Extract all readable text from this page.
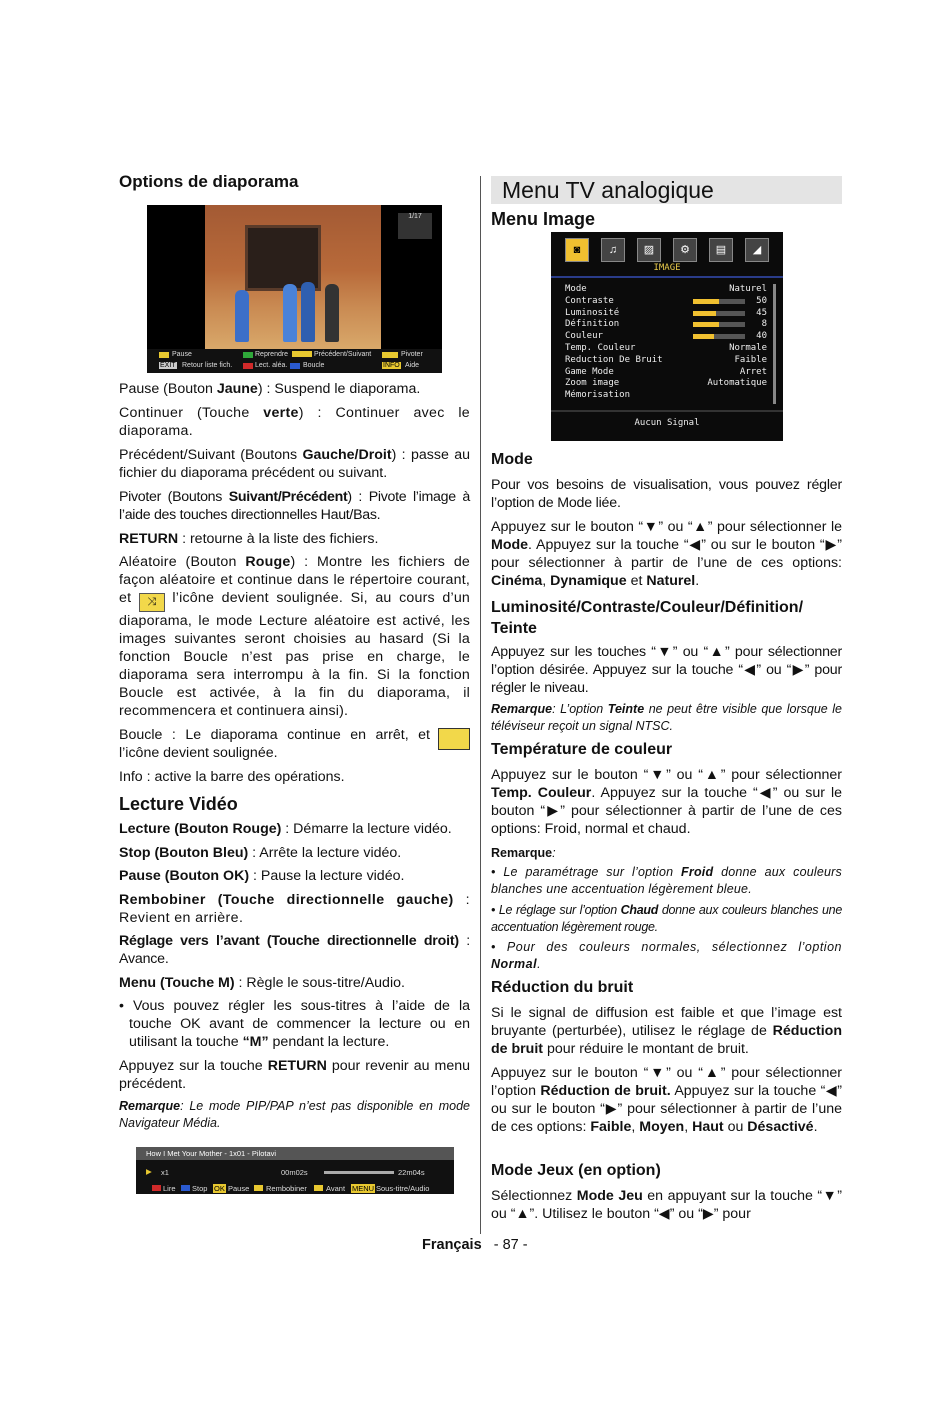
Options de diaporama

Pause (Bouton Jaune) : Suspend le diaporama.

Continuer (Touche verte) : Continuer avec le diaporama.

Précédent/Suivant (Boutons Gauche/Droit) : passe au fichier du diaporama précédent ou suivant.

Pivoter (Boutons Suivant/Précédent) : Pivote l’image à l’aide des touches directionnelles Haut/Bas.

RETURN : retourne à la liste des fichiers.

Aléatoire (Bouton Rouge) : Montre les fichiers de façon aléatoire et continue dans le répertoire courant, et ⤨ l’icône devient soulignée. Si, au cours d’un diaporama, le mode Lecture aléatoire est activé, les images suivantes seront choisies au hasard (Si la fonction Boucle n’est pas prise en charge, le diaporama sera interrompu à la fin. Si la fonction Boucle est activée, à la fin du diaporama, il recommencera et continuera ainsi).

Boucle : Le diaporama continue en arrêt, et l’icône devient soulignée.

Info : active la barre des opérations.

Lecture Vidéo

Lecture (Bouton Rouge) : Démarre la lecture vidéo.

Stop (Bouton Bleu) : Arrête la lecture vidéo.

Pause (Bouton OK) : Pause la lecture vidéo.

Rembobiner (Touche directionnelle gauche) : Revient en arrière.

Réglage vers l’avant (Touche directionnelle droit) : Avance.

Menu (Touche M) : Règle le sous-titre/Audio.

• Vous pouvez régler les sous-titres à l’aide de la touche OK avant de commencer la lecture ou en utilisant la touche “M” pendant la lecture.

Appuyez sur la touche RETURN pour revenir au menu précédent.

Remarque: Le mode PIP/PAP n’est pas disponible en mode Navigateur Média.

1/17
Pause
EXIT Retour liste fich.
Reprendre
Lect. aléa. Boucle
Précédent/Suivant	Pivoter
INFO Aide
How I Met Your Mother - 1x01 - Pilotavi
▶ x1	00m02s	22m04s
Lire Stop OK Pause Rembobiner	Avant MENU Sous-titre/Audio
Menu TV analogique
Menu Image
Mode

Pour vos besoins de visualisation, vous pouvez régler l’option de Mode liée.

Appuyez sur le bouton “▼” ou “▲” pour sélectionner le Mode. Appuyez sur la touche “◀” ou sur le bouton “▶” pour sélectionner à partir de l’une de ces options: Cinéma, Dynamique et Naturel.

Luminosité/Contraste/Couleur/Définition/ Teinte

Appuyez sur les touches “▼” ou “▲” pour sélectionner l’option désirée. Appuyez sur la touche “◀” ou “▶” pour régler le niveau.

Remarque: L’option Teinte ne peut être visible que lorsque le téléviseur reçoit un signal NTSC.

Température de couleur

Appuyez sur le bouton “▼” ou “▲” pour sélectionner Temp. Couleur. Appuyez sur la touche “◀” ou sur le bouton “▶” pour sélectionner à partir de l’une de ces options: Froid, normal et chaud.

Remarque:

• Le paramétrage sur l’option Froid donne aux couleurs blanches une accentuation légèrement bleue.

• Le réglage sur l’option Chaud donne aux couleurs blanches une accentuation légèrement rouge.

• Pour des couleurs normales, sélectionnez l’option Normal.

Réduction du bruit

Si le signal de diffusion est faible et que l’image est bruyante (perturbée), utilisez le réglage de Réduction de bruit pour réduire le montant de bruit.

Appuyez sur le bouton “▼” ou “▲” pour sélectionner l’option Réduction de bruit. Appuyez sur la touche “◀” ou sur le bouton “▶” pour sélectionner à partir de l’une de ces options: Faible, Moyen, Haut ou Désactivé.

Mode Jeux (en option)

Sélectionnez Mode Jeu en appuyant sur la touche “▼” ou “▲”. Utilisez le bouton “◀” ou “▶” pour

◙	♫	▨	⚙	▤	◢
IMAGE
Mode	Naturel
Contraste	50
Luminosité	45
Définition	8
Couleur	40
Temp. Couleur	Normale
Reduction De Bruit	Faible
Game Mode	Arret
Zoom image	Automatique
Mémorisation
Aucun Signal
Français - 87 -
